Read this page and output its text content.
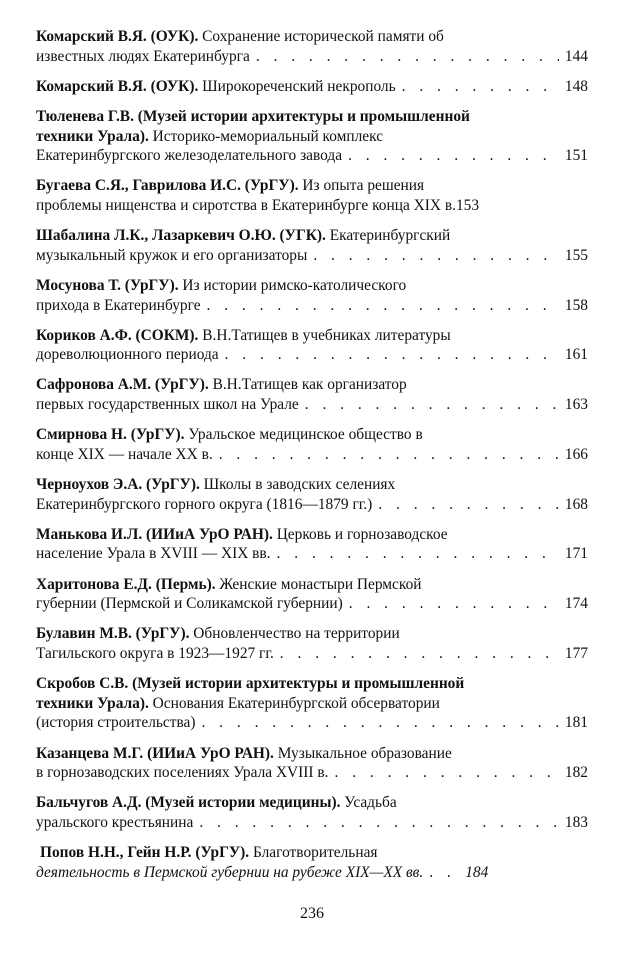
Комарский В.Я. (ОУК). Сохранение исторической памяти об
известных людях Екатеринбурга . . .	144
Комарский В.Я. (ОУК). Широкореченский некрополь . . .	148
Тюленева Г.В. (Музей истории архитектуры и промышленной
техники Урала). Историко-мемориальный комплекс
Екатеринбургского железоделательного завода . . .	151
Бугаева С.Я., Гаврилова И.С. (УрГУ). Из опыта решения
проблемы нищенства и сиротства в Екатеринбурге конца XIX в.153
Шабалина Л.К., Лазаркевич О.Ю. (УГК). Екатеринбургский
музыкальный кружок и его организаторы . . .	155
Мосунова Т. (УрГУ). Из истории римско-католического
прихода в Екатеринбурге . . .	158
Кориков А.Ф. (СОКМ). В.Н.Татищев в учебниках литературы
дореволюционного периода . . .	161
Сафронова А.М. (УрГУ). В.Н.Татищев как организатор
первых государственных школ на Урале . . .	163
Смирнова Н. (УрГУ). Уральское медицинское общество в
конце XIX — начале XX в. . . .	166
Черноухов Э.А. (УрГУ). Школы в заводских селениях
Екатеринбургского горного округа (1816—1879 гг.) . . .	168
Манькова И.Л. (ИИиА УрО РАН). Церковь и горнозаводское
население Урала в XVIII — XIX вв. . . .	171
Харитонова Е.Д. (Пермь). Женские монастыри Пермской
губернии (Пермской и Соликамской губернии) . . .	174
Булавин М.В. (УрГУ). Обновленчество на территории
Тагильского округа в 1923—1927 гг. . . .	177
Скробов С.В. (Музей истории архитектуры и промышленной
техники Урала). Основания Екатеринбургской обсерватории
(история строительства) . . .	181
Казанцева М.Г. (ИИиА УрО РАН). Музыкальное образование
в горнозаводских поселениях Урала XVIII в. . . .	182
Бальчугов А.Д. (Музей истории медицины). Усадьба
уральского крестьянина . . .	183
Попов Н.Н., Гейн Н.Р. (УрГУ). Благотворительная
деятельность в Пермской губернии на рубеже XIX—XX вв. . . .	184
236
